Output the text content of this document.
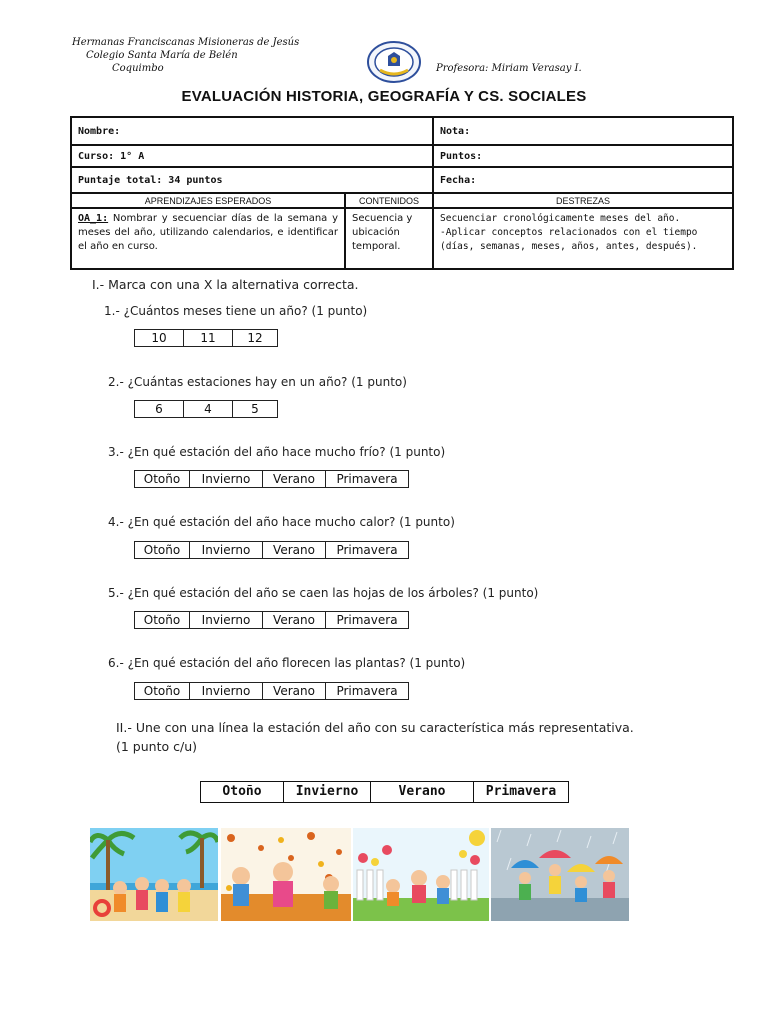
Hermanas Franciscanas Misioneras de Jesús
Colegio Santa María de Belén
Coquimbo	Profesora: Miriam Verasay I.
EVALUACIÓN HISTORIA, GEOGRAFÍA Y CS. SOCIALES
Nombre:		Nota:
Curso: 1° A		Puntos:
Puntaje total: 34 puntos		Fecha:
APRENDIZAJES ESPERADOS	CONTENIDOS	DESTREZAS
OA_1: Nombrar y secuenciar días de la semana y meses del año, utilizando calendarios, e identificar el año en curso.	Secuencia y ubicación temporal.	Secuenciar cronológicamente meses del año.
-Aplicar conceptos relacionados con el tiempo (días, semanas, meses, años, antes, después).
I.- Marca con una X la alternativa correcta.
1.- ¿Cuántos meses tiene un año? (1 punto)
10	11	12
2.- ¿Cuántas estaciones hay en un año? (1 punto)
6	4	5
3.- ¿En qué estación del año hace mucho frío? (1 punto)
Otoño	Invierno	Verano	Primavera
4.- ¿En qué estación del año hace mucho calor? (1 punto)
Otoño	Invierno	Verano	Primavera
5.- ¿En qué estación del año se caen las hojas de los árboles? (1 punto)
Otoño	Invierno	Verano	Primavera
6.- ¿En qué estación del año florecen las plantas? (1 punto)
Otoño	Invierno	Verano	Primavera
II.- Une con una línea la estación del año con su característica más representativa.
(1 punto c/u)
Otoño	Invierno	Verano	Primavera
